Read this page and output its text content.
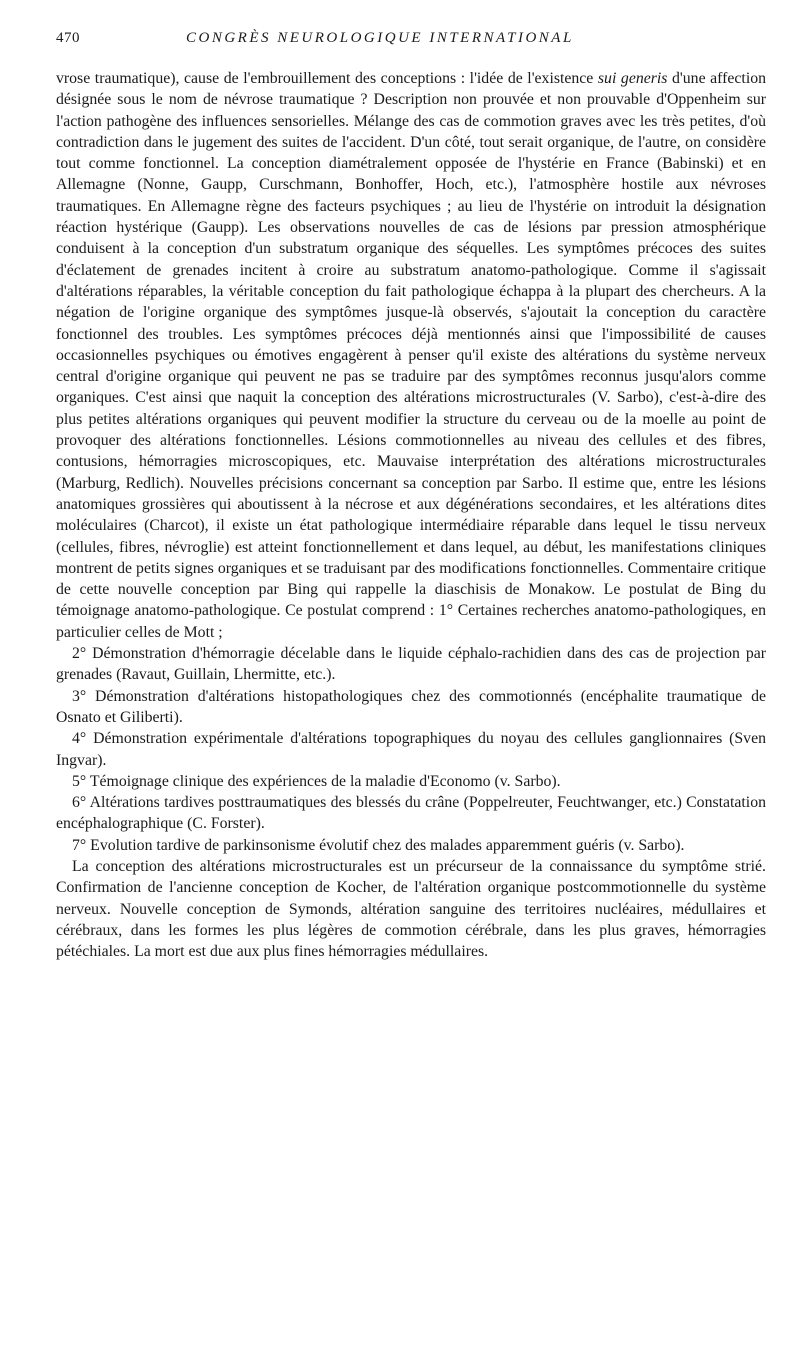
470	CONGRÈS NEUROLOGIQUE INTERNATIONAL

vrose traumatique), cause de l'embrouillement des conceptions : l'idée de l'existence sui generis d'une affection désignée sous le nom de névrose traumatique ? Description non prouvée et non prouvable d'Oppenheim sur l'action pathogène des influences sensorielles. Mélange des cas de commotion graves avec les très petites, d'où contradiction dans le jugement des suites de l'accident. D'un côté, tout serait organique, de l'autre, on considère tout comme fonctionnel. La conception diamétralement opposée de l'hystérie en France (Babinski) et en Allemagne (Nonne, Gaupp, Curschmann, Bonhoffer, Hoch, etc.), l'atmosphère hostile aux névroses traumatiques. En Allemagne règne des facteurs psychiques ; au lieu de l'hystérie on introduit la désignation réaction hystérique (Gaupp). Les observations nouvelles de cas de lésions par pression atmosphérique conduisent à la conception d'un substratum organique des séquelles. Les symptômes précoces des suites d'éclatement de grenades incitent à croire au substratum anatomo-pathologique. Comme il s'agissait d'altérations réparables, la véritable conception du fait pathologique échappa à la plupart des chercheurs. A la négation de l'origine organique des symptômes jusque-là observés, s'ajoutait la conception du caractère fonctionnel des troubles. Les symptômes précoces déjà mentionnés ainsi que l'impossibilité de causes occasionnelles psychiques ou émotives engagèrent à penser qu'il existe des altérations du système nerveux central d'origine organique qui peuvent ne pas se traduire par des symptômes reconnus jusqu'alors comme organiques. C'est ainsi que naquit la conception des altérations microstructurales (V. Sarbo), c'est-à-dire des plus petites altérations organiques qui peuvent modifier la structure du cerveau ou de la moelle au point de provoquer des altérations fonctionnelles. Lésions commotionnelles au niveau des cellules et des fibres, contusions, hémorragies microscopiques, etc. Mauvaise interprétation des altérations microstructurales (Marburg, Redlich). Nouvelles précisions concernant sa conception par Sarbo. Il estime que, entre les lésions anatomiques grossières qui aboutissent à la nécrose et aux dégénérations secondaires, et les altérations dites moléculaires (Charcot), il existe un état pathologique intermédiaire réparable dans lequel le tissu nerveux (cellules, fibres, névroglie) est atteint fonctionnellement et dans lequel, au début, les manifestations cliniques montrent de petits signes organiques et se traduisant par des modifications fonctionnelles. Commentaire critique de cette nouvelle conception par Bing qui rappelle la diaschisis de Monakow. Le postulat de Bing du témoignage anatomo-pathologique. Ce postulat comprend : 1° Certaines recherches anatomo-pathologiques, en particulier celles de Mott ;

2° Démonstration d'hémorragie décelable dans le liquide céphalo-rachidien dans des cas de projection par grenades (Ravaut, Guillain, Lhermitte, etc.).

3° Démonstration d'altérations histopathologiques chez des commotionnés (encéphalite traumatique de Osnato et Giliberti).

4° Démonstration expérimentale d'altérations topographiques du noyau des cellules ganglionnaires (Sven Ingvar).

5° Témoignage clinique des expériences de la maladie d'Economo (v. Sarbo).

6° Altérations tardives posttraumatiques des blessés du crâne (Poppelreuter, Feuchtwanger, etc.) Constatation encéphalographique (C. Forster).

7° Evolution tardive de parkinsonisme évolutif chez des malades apparemment guéris (v. Sarbo).

La conception des altérations microstructurales est un précurseur de la connaissance du symptôme strié. Confirmation de l'ancienne conception de Kocher, de l'altération organique postcommotionnelle du système nerveux. Nouvelle conception de Symonds, altération sanguine des territoires nucléaires, médullaires et cérébraux, dans les formes les plus légères de commotion cérébrale, dans les plus graves, hémorragies pétéchiales. La mort est due aux plus fines hémorragies médullaires.
